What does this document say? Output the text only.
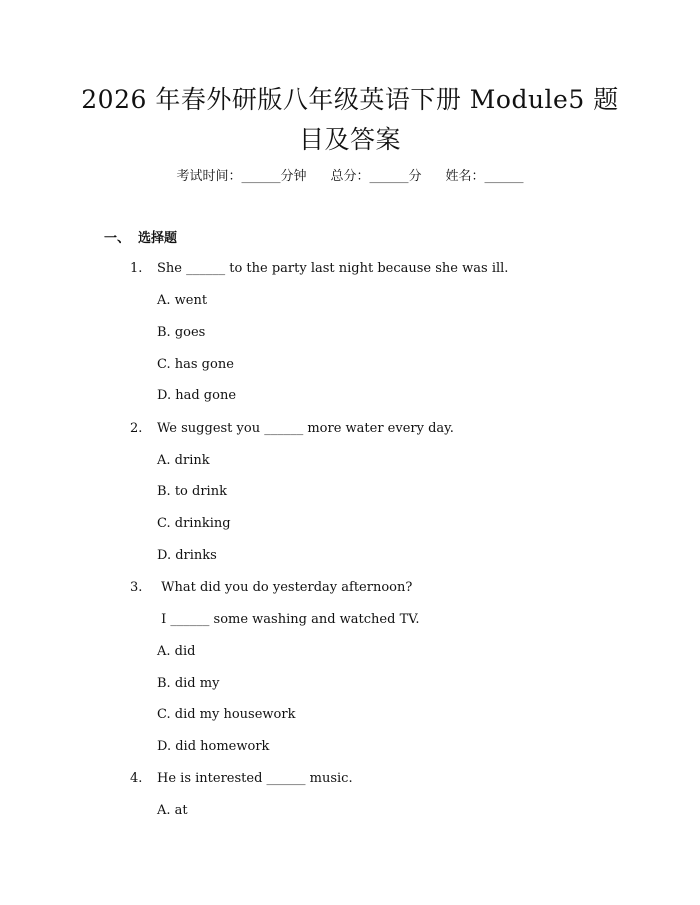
2026 年春外研版八年级英语下册 Module5 题
目及答案
考试时间：______分钟 总分：______分 姓名：______
一、 选择题
1. She ______ to the party last night because she was ill.
A. went
B. goes
C. has gone
D. had gone
2. We suggest you ______ more water every day.
A. drink
B. to drink
C. drinking
D. drinks
3. What did you do yesterday afternoon?
I ______ some washing and watched TV.
A. did
B. did my
C. did my housework
D. did homework
4. He is interested ______ music.
A. at
